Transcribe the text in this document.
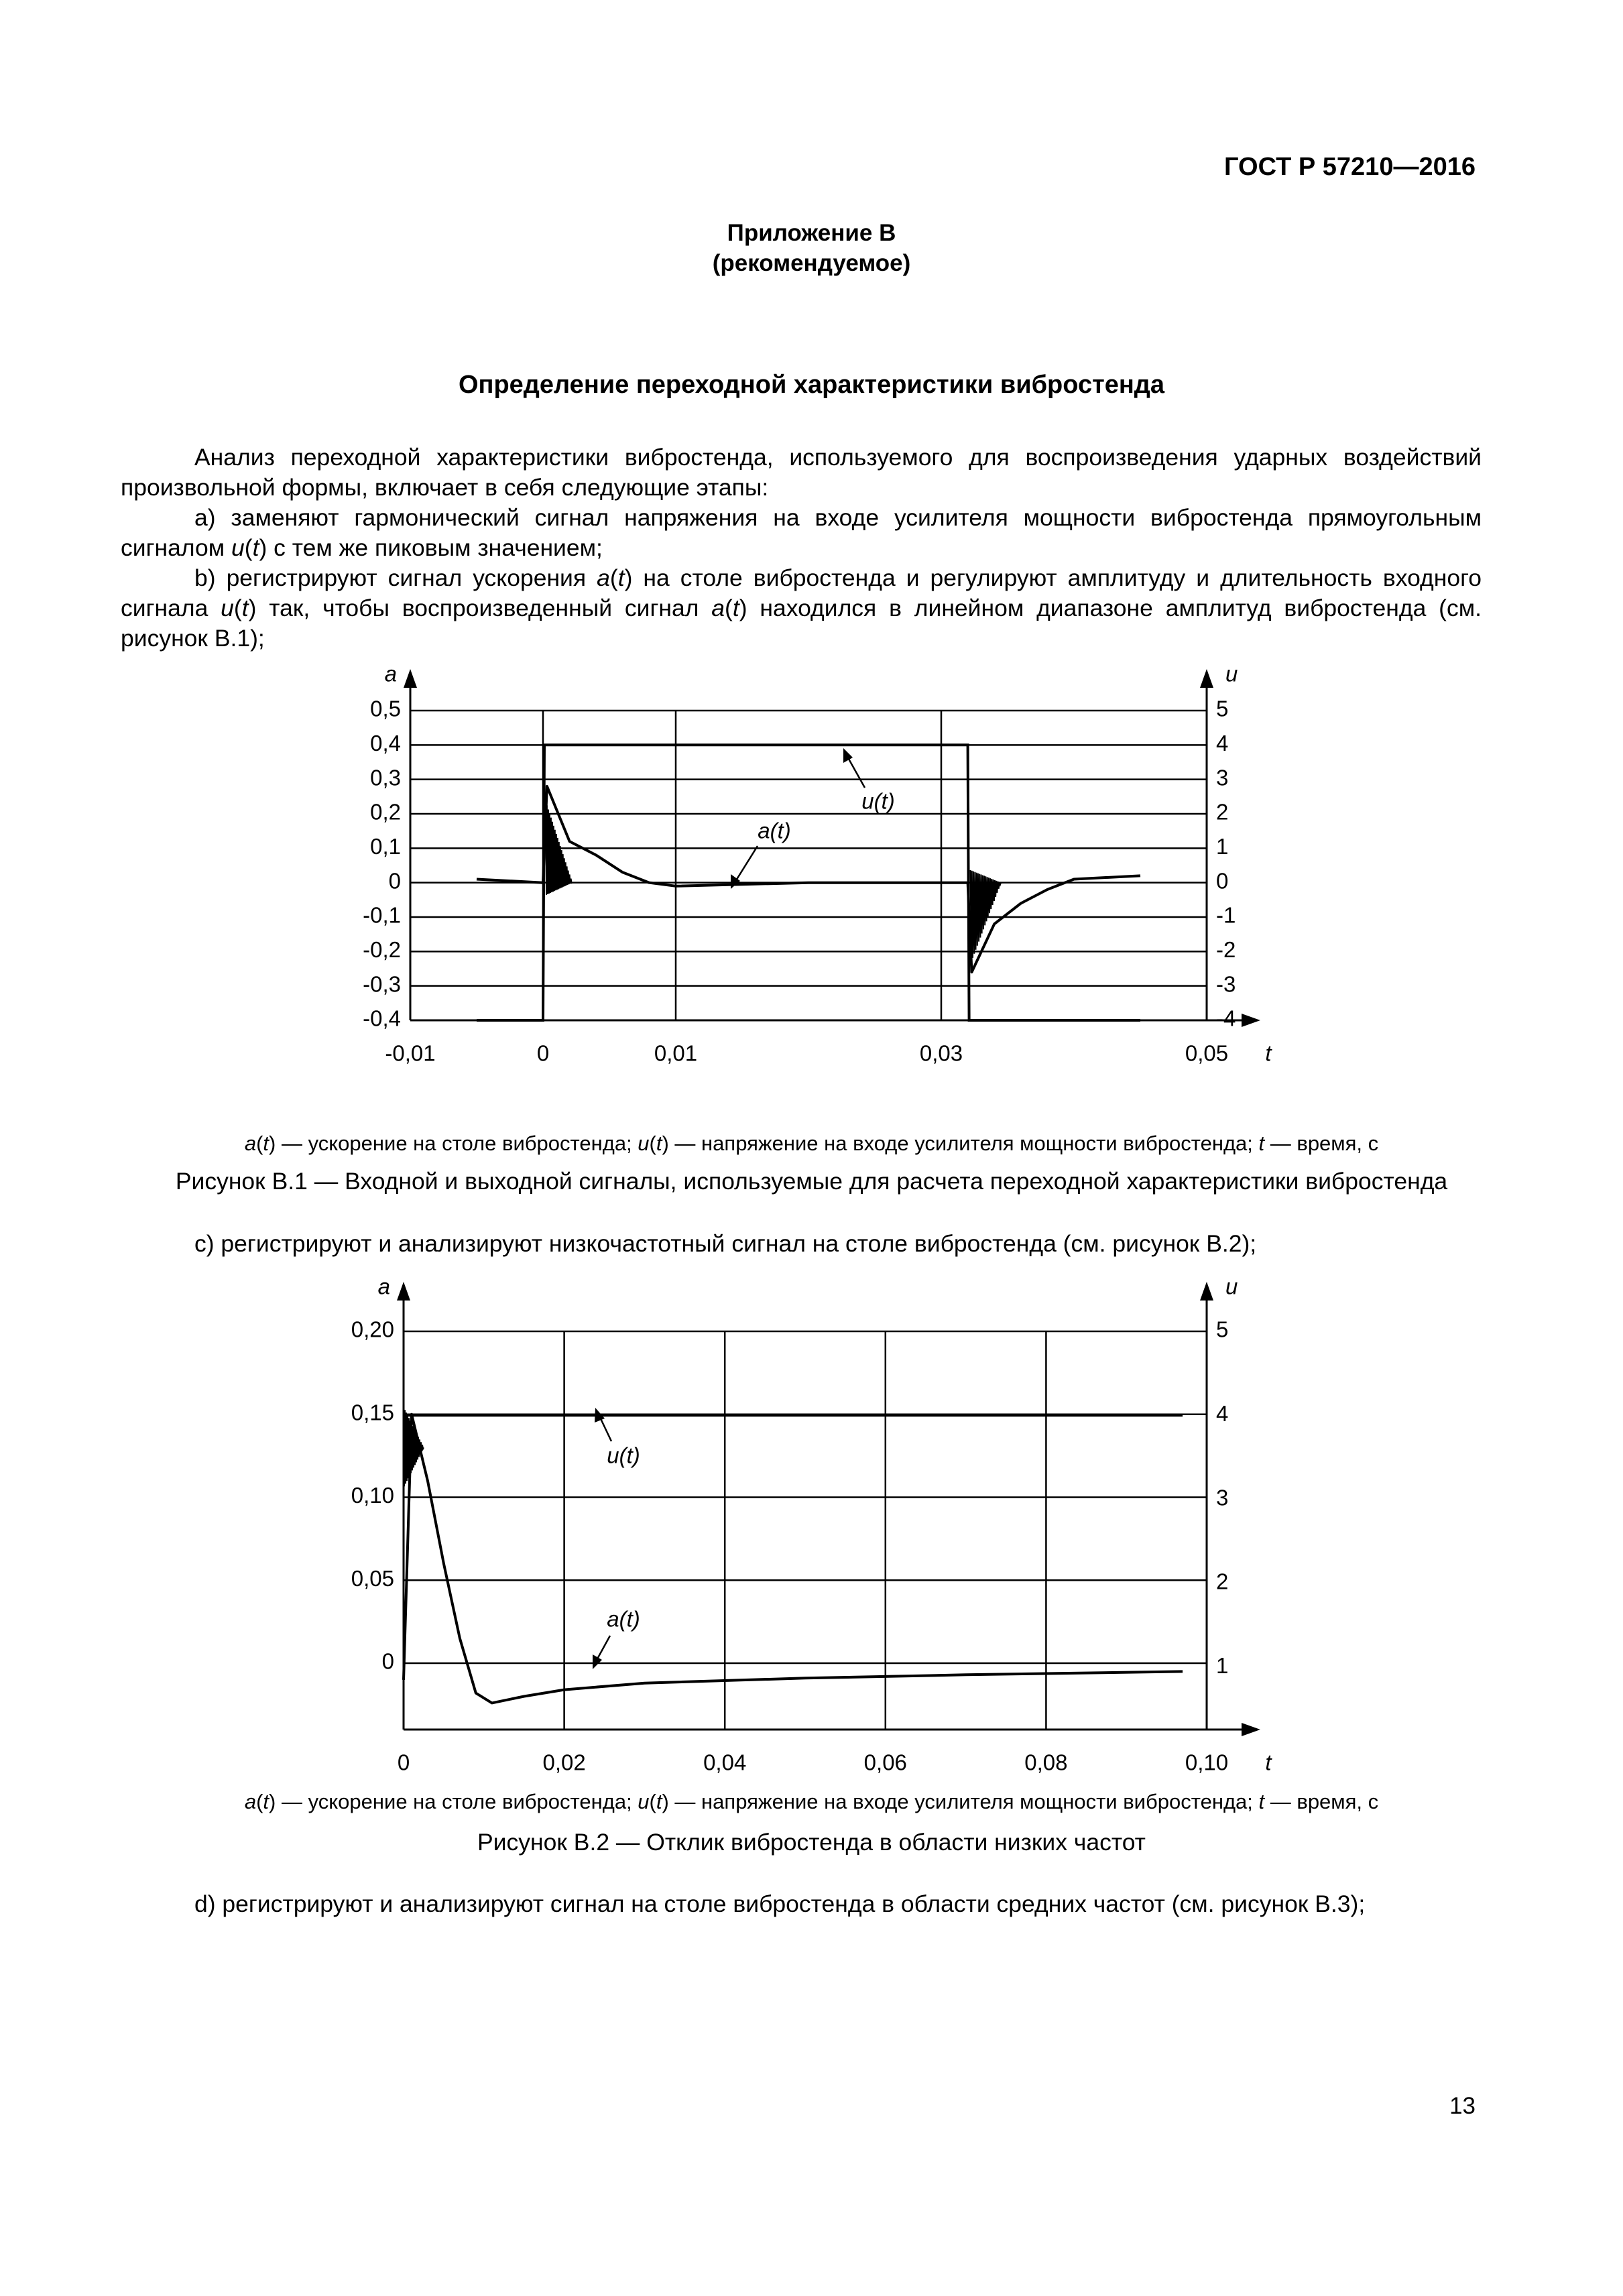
ГОСТ Р 57210—2016
Приложение В
(рекомендуемое)
Определение переходной характеристики вибростенда

Анализ переходной характеристики вибростенда, используемого для воспроизведения ударных воздействий произвольной формы, включает в себя следующие этапы:

а) заменяют гармонический сигнал напряжения на входе усилителя мощности вибростенда прямоугольным сигналом u(t) с тем же пиковым значением;

b) регистрируют сигнал ускорения a(t) на столе вибростенда и регулируют амплитуду и длительность входного сигнала u(t) так, чтобы воспроизведенный сигнал a(t) находился в линейном диапазоне амплитуд вибростенда (см. рисунок В.1);

0,5
0,4
0,3
0,2
0,1
0
-0,1
-0,2
-0,3
-0,4
5
4
3
2
1
0
-1
-2
-3
-4
-0,01	0	0,01	0,03	0,05
a	u
t
u(t)
a(t)
0,20
0,15
0,10
0,05
0
5
4
3
2
1
0	0,02	0,04	0,06	0,08	0,10
a	u
t
u(t)
a(t)
a(t) — ускорение на столе вибростенда; u(t) — напряжение на входе усилителя мощности вибростенда; t — время, с
Рисунок В.1 — Входной и выходной сигналы, используемые для расчета переходной характеристики вибростенда

с) регистрируют и анализируют низкочастотный сигнал на столе вибростенда (см. рисунок В.2);

a(t) — ускорение на столе вибростенда; u(t) — напряжение на входе усилителя мощности вибростенда; t — время, с
Рисунок В.2 — Отклик вибростенда в области низких частот

d) регистрируют и анализируют сигнал на столе вибростенда в области средних частот (см. рисунок В.3);

13
